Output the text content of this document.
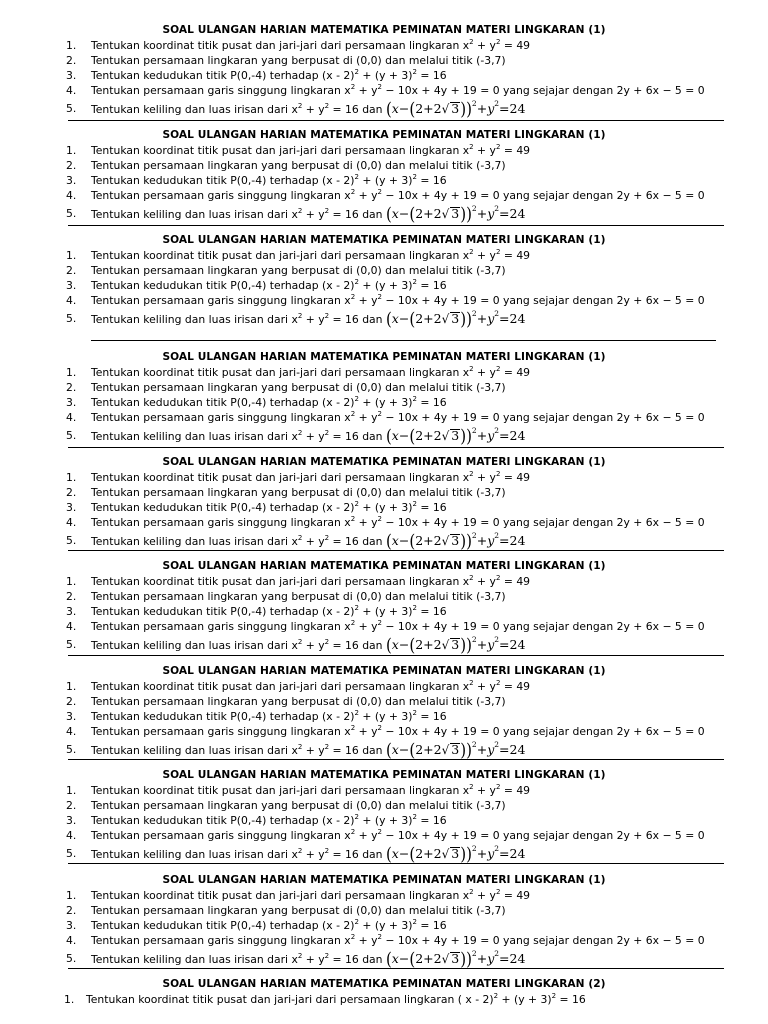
SOAL ULANGAN HARIAN MATEMATIKA PEMINATAN MATERI LINGKARAN (1)
1. Tentukan koordinat titik pusat dan jari-jari dari persamaan lingkaran $x^2 + y^2 = 49$
2. Tentukan persamaan lingkaran yang berpusat di (0,0) dan melalui titik (-3,7)
3. Tentukan kedudukan titik P(0,-4) terhadap $(x - 2)^2 + (y + 3)^2 = 16$
4. Tentukan persamaan garis singgung lingkaran $x^2 + y^2 - 10x + 4y + 19 = 0$ yang sejajar dengan 2y + 6x − 5 = 0
5. Tentukan keliling dan luas irisan dari $x^2 + y^2 = 16$ dan (x−(2+2√ $3))^2+y^2=24$
SOAL ULANGAN HARIAN MATEMATIKA PEMINATAN MATERI LINGKARAN (1)
1. Tentukan koordinat titik pusat dan jari-jari dari persamaan lingkaran $x^2 + y^2 = 49$
2. Tentukan persamaan lingkaran yang berpusat di (0,0) dan melalui titik (-3,7)
3. Tentukan kedudukan titik P(0,-4) terhadap $(x - 2)^2 + (y + 3)^2 = 16$
4. Tentukan persamaan garis singgung lingkaran $x^2 + y^2 - 10x + 4y + 19 = 0$ yang sejajar dengan 2y + 6x − 5 = 0
5. Tentukan keliling dan luas irisan dari $x^2 + y^2 = 16$ dan (x−(2+2√ $3))^2+y^2=24$
SOAL ULANGAN HARIAN MATEMATIKA PEMINATAN MATERI LINGKARAN (1)
1. Tentukan koordinat titik pusat dan jari-jari dari persamaan lingkaran $x^2 + y^2 = 49$
2. Tentukan persamaan lingkaran yang berpusat di (0,0) dan melalui titik (-3,7)
3. Tentukan kedudukan titik P(0,-4) terhadap $(x - 2)^2 + (y + 3)^2 = 16$
4. Tentukan persamaan garis singgung lingkaran $x^2 + y^2 - 10x + 4y + 19 = 0$ yang sejajar dengan 2y + 6x − 5 = 0
5. Tentukan keliling dan luas irisan dari $x^2 + y^2 = 16$ dan (x−(2+2√ $3))^2+y^2=24$
SOAL ULANGAN HARIAN MATEMATIKA PEMINATAN MATERI LINGKARAN (1)
1. Tentukan koordinat titik pusat dan jari-jari dari persamaan lingkaran $x^2 + y^2 = 49$
2. Tentukan persamaan lingkaran yang berpusat di (0,0) dan melalui titik (-3,7)
3. Tentukan kedudukan titik P(0,-4) terhadap $(x - 2)^2 + (y + 3)^2 = 16$
4. Tentukan persamaan garis singgung lingkaran $x^2 + y^2 - 10x + 4y + 19 = 0$ yang sejajar dengan 2y + 6x − 5 = 0
5. Tentukan keliling dan luas irisan dari $x^2 + y^2 = 16$ dan (x−(2+2√ $3))^2+y^2=24$
SOAL ULANGAN HARIAN MATEMATIKA PEMINATAN MATERI LINGKARAN (1)
1. Tentukan koordinat titik pusat dan jari-jari dari persamaan lingkaran $x^2 + y^2 = 49$
2. Tentukan persamaan lingkaran yang berpusat di (0,0) dan melalui titik (-3,7)
3. Tentukan kedudukan titik P(0,-4) terhadap $(x - 2)^2 + (y + 3)^2 = 16$
4. Tentukan persamaan garis singgung lingkaran $x^2 + y^2 - 10x + 4y + 19 = 0$ yang sejajar dengan 2y + 6x − 5 = 0
5. Tentukan keliling dan luas irisan dari $x^2 + y^2 = 16$ dan (x−(2+2√ $3))^2+y^2=24$
SOAL ULANGAN HARIAN MATEMATIKA PEMINATAN MATERI LINGKARAN (1)
1. Tentukan koordinat titik pusat dan jari-jari dari persamaan lingkaran $x^2 + y^2 = 49$
2. Tentukan persamaan lingkaran yang berpusat di (0,0) dan melalui titik (-3,7)
3. Tentukan kedudukan titik P(0,-4) terhadap $(x - 2)^2 + (y + 3)^2 = 16$
4. Tentukan persamaan garis singgung lingkaran $x^2 + y^2 - 10x + 4y + 19 = 0$ yang sejajar dengan 2y + 6x − 5 = 0
5. Tentukan keliling dan luas irisan dari $x^2 + y^2 = 16$ dan (x−(2+2√ $3))^2+y^2=24$
SOAL ULANGAN HARIAN MATEMATIKA PEMINATAN MATERI LINGKARAN (1)
1. Tentukan koordinat titik pusat dan jari-jari dari persamaan lingkaran $x^2 + y^2 = 49$
2. Tentukan persamaan lingkaran yang berpusat di (0,0) dan melalui titik (-3,7)
3. Tentukan kedudukan titik P(0,-4) terhadap $(x - 2)^2 + (y + 3)^2 = 16$
4. Tentukan persamaan garis singgung lingkaran $x^2 + y^2 - 10x + 4y + 19 = 0$ yang sejajar dengan 2y + 6x − 5 = 0
5. Tentukan keliling dan luas irisan dari $x^2 + y^2 = 16$ dan (x−(2+2√ $3))^2+y^2=24$
SOAL ULANGAN HARIAN MATEMATIKA PEMINATAN MATERI LINGKARAN (1)
1. Tentukan koordinat titik pusat dan jari-jari dari persamaan lingkaran $x^2 + y^2 = 49$
2. Tentukan persamaan lingkaran yang berpusat di (0,0) dan melalui titik (-3,7)
3. Tentukan kedudukan titik P(0,-4) terhadap $(x - 2)^2 + (y + 3)^2 = 16$
4. Tentukan persamaan garis singgung lingkaran $x^2 + y^2 - 10x + 4y + 19 = 0$ yang sejajar dengan 2y + 6x − 5 = 0
5. Tentukan keliling dan luas irisan dari $x^2 + y^2 = 16$ dan (x−(2+2√ $3))^2+y^2=24$
SOAL ULANGAN HARIAN MATEMATIKA PEMINATAN MATERI LINGKARAN (1)
1. Tentukan koordinat titik pusat dan jari-jari dari persamaan lingkaran $x^2 + y^2 = 49$
2. Tentukan persamaan lingkaran yang berpusat di (0,0) dan melalui titik (-3,7)
3. Tentukan kedudukan titik P(0,-4) terhadap $(x - 2)^2 + (y + 3)^2 = 16$
4. Tentukan persamaan garis singgung lingkaran $x^2 + y^2 - 10x + 4y + 19 = 0$ yang sejajar dengan 2y + 6x − 5 = 0
5. Tentukan keliling dan luas irisan dari $x^2 + y^2 = 16$ dan (x−(2+2√ $3))^2+y^2=24$
SOAL ULANGAN HARIAN MATEMATIKA PEMINATAN MATERI LINGKARAN (2)
1. Tentukan koordinat titik pusat dan jari-jari dari persamaan lingkaran ( $x - 2)^2 + (y + 3)^2 = 16$
